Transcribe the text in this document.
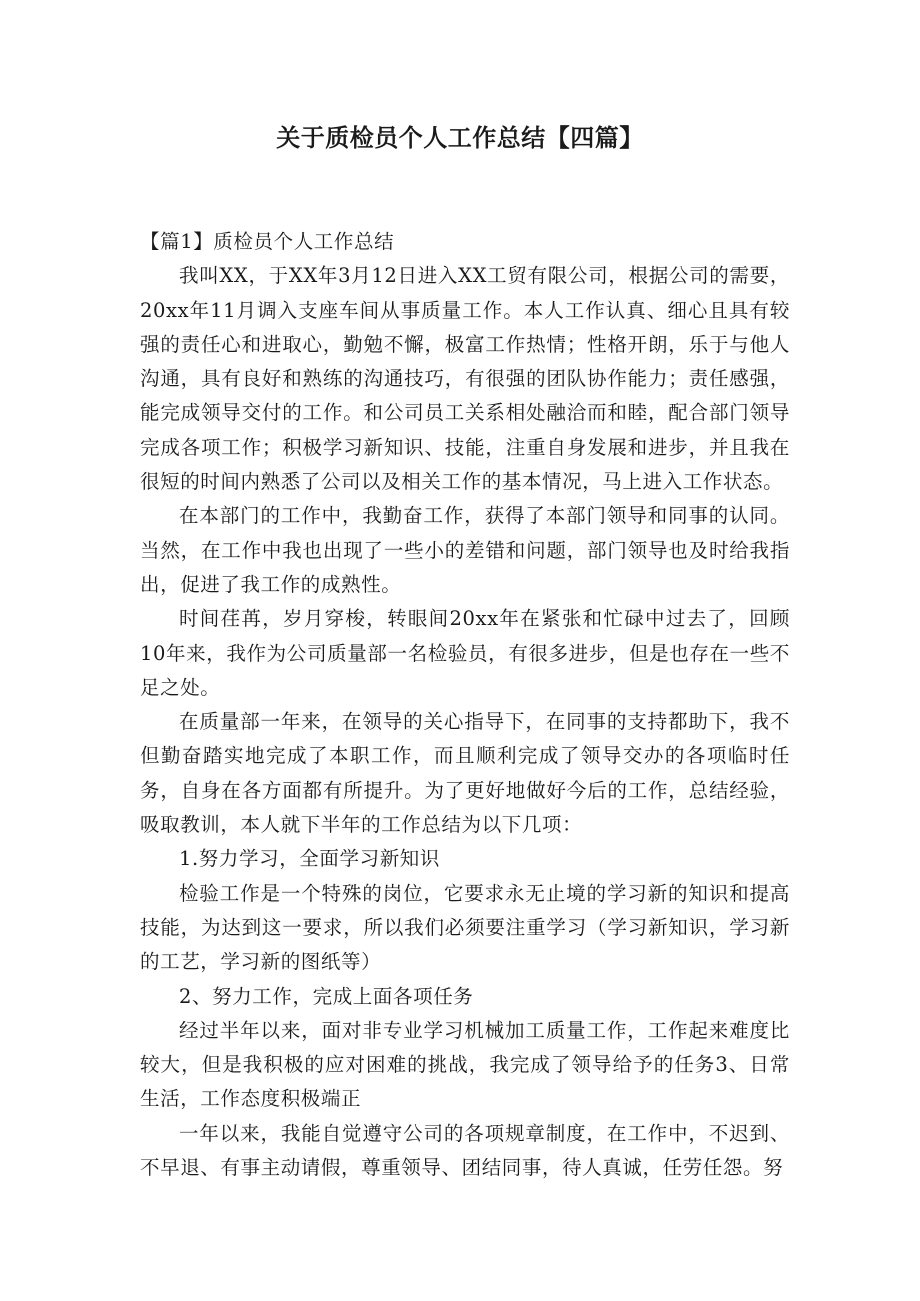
关于质检员个人工作总结【四篇】
【篇1】质检员个人工作总结

我叫XX，于XX年3月12日进入XX工贸有限公司，根据公司的需要，20xx年11月调入支座车间从事质量工作。本人工作认真、细心且具有较强的责任心和进取心，勤勉不懈，极富工作热情；性格开朗，乐于与他人沟通，具有良好和熟练的沟通技巧，有很强的团队协作能力；责任感强，能完成领导交付的工作。和公司员工关系相处融洽而和睦，配合部门领导完成各项工作；积极学习新知识、技能，注重自身发展和进步，并且我在很短的时间内熟悉了公司以及相关工作的基本情况，马上进入工作状态。

在本部门的工作中，我勤奋工作，获得了本部门领导和同事的认同。当然，在工作中我也出现了一些小的差错和问题，部门领导也及时给我指出，促进了我工作的成熟性。

时间荏苒，岁月穿梭，转眼间20xx年在紧张和忙碌中过去了，回顾10年来，我作为公司质量部一名检验员，有很多进步，但是也存在一些不足之处。

在质量部一年来，在领导的关心指导下，在同事的支持都助下，我不但勤奋踏实地完成了本职工作，而且顺利完成了领导交办的各项临时任务，自身在各方面都有所提升。为了更好地做好今后的工作，总结经验，吸取教训，本人就下半年的工作总结为以下几项：

1.努力学习，全面学习新知识

检验工作是一个特殊的岗位，它要求永无止境的学习新的知识和提高技能，为达到这一要求，所以我们必须要注重学习（学习新知识，学习新的工艺，学习新的图纸等）

2、努力工作，完成上面各项任务

经过半年以来，面对非专业学习机械加工质量工作，工作起来难度比较大，但是我积极的应对困难的挑战，我完成了领导给予的任务3、日常生活，工作态度积极端正

一年以来，我能自觉遵守公司的各项规章制度，在工作中，不迟到、不早退、有事主动请假，尊重领导、团结同事，待人真诚，任劳任怨。努
